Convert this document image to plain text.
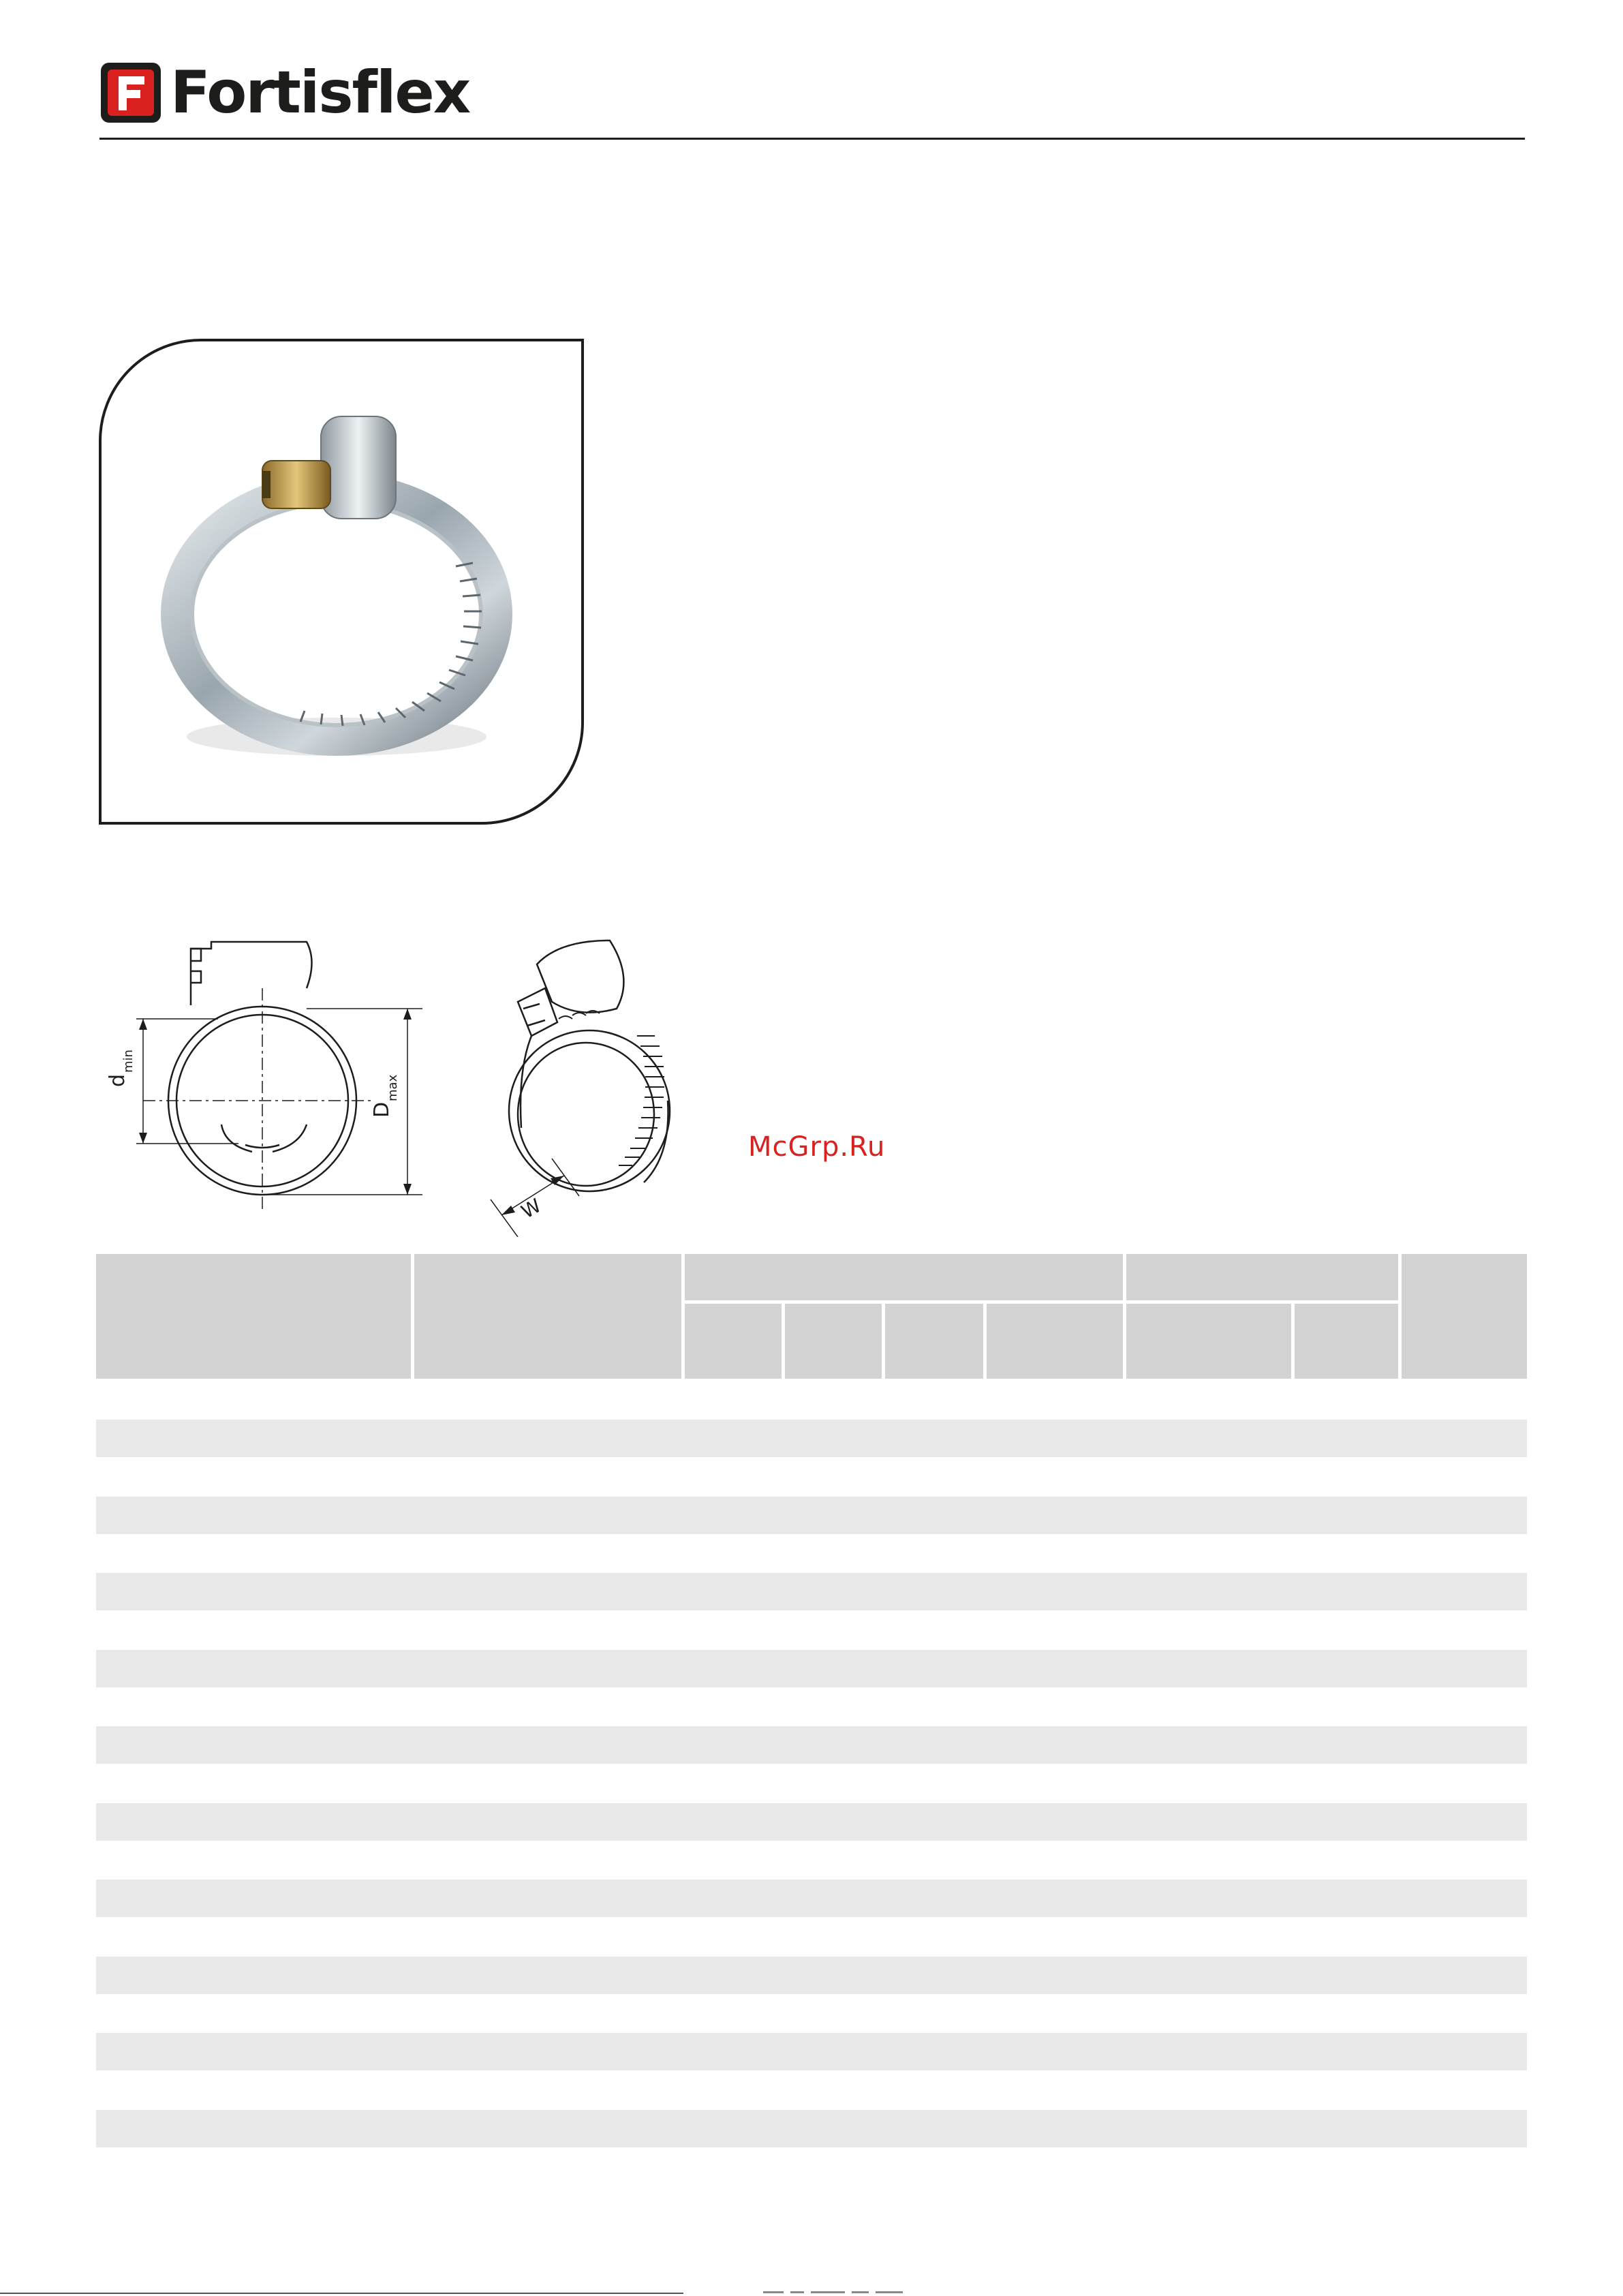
Fortisflex
d
min
D
max
W
McGrp.Ru
